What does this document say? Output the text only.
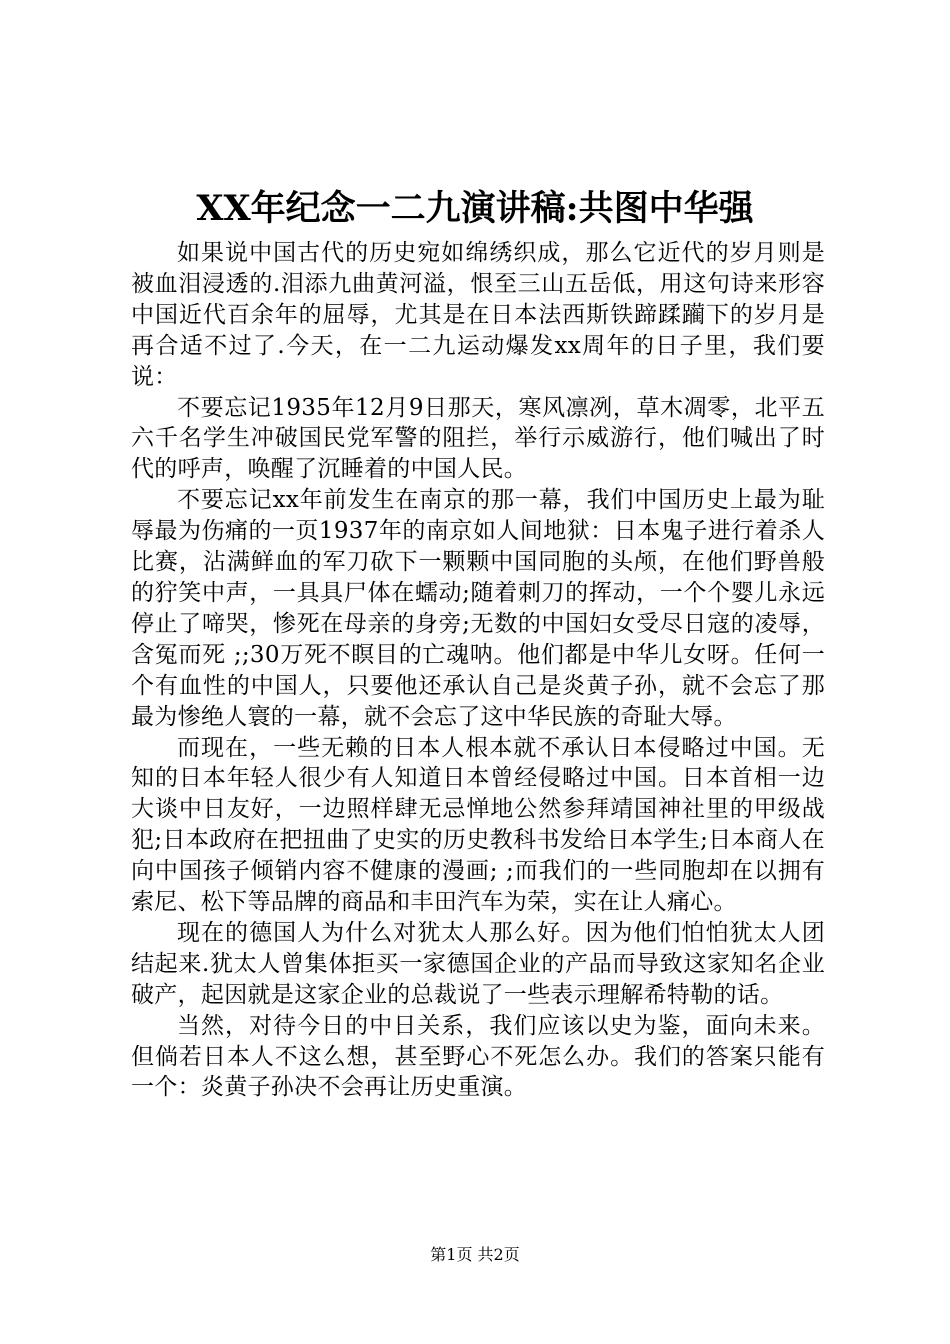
XX年纪念一二九演讲稿:共图中华强

如果说中国古代的历史宛如绵绣织成，那么它近代的岁月则是被血泪浸透的.泪添九曲黄河溢，恨至三山五岳低，用这句诗来形容中国近代百余年的屈辱，尤其是在日本法西斯铁蹄蹂躏下的岁月是再合适不过了.今天，在一二九运动爆发xx周年的日子里，我们要说：

不要忘记1935年12月9日那天，寒风凛冽，草木凋零，北平五六千名学生冲破国民党军警的阻拦，举行示威游行，他们喊出了时代的呼声，唤醒了沉睡着的中国人民。

不要忘记xx年前发生在南京的那一幕，我们中国历史上最为耻辱最为伤痛的一页1937年的南京如人间地狱：日本鬼子进行着杀人比赛，沾满鲜血的军刀砍下一颗颗中国同胞的头颅，在他们野兽般的狞笑中声，一具具尸体在蠕动;随着刺刀的挥动，一个个婴儿永远停止了啼哭，惨死在母亲的身旁;无数的中国妇女受尽日寇的凌辱，含冤而死 ;;30万死不瞑目的亡魂呐。他们都是中华儿女呀。任何一个有血性的中国人，只要他还承认自己是炎黄子孙，就不会忘了那最为惨绝人寰的一幕，就不会忘了这中华民族的奇耻大辱。

而现在，一些无赖的日本人根本就不承认日本侵略过中国。无知的日本年轻人很少有人知道日本曾经侵略过中国。日本首相一边大谈中日友好，一边照样肆无忌惮地公然参拜靖国神社里的甲级战犯;日本政府在把扭曲了史实的历史教科书发给日本学生;日本商人在向中国孩子倾销内容不健康的漫画; ;而我们的一些同胞却在以拥有索尼、松下等品牌的商品和丰田汽车为荣，实在让人痛心。

现在的德国人为什么对犹太人那么好。因为他们怕怕犹太人团结起来.犹太人曾集体拒买一家德国企业的产品而导致这家知名企业破产，起因就是这家企业的总裁说了一些表示理解希特勒的话。

当然，对待今日的中日关系，我们应该以史为鉴，面向未来。但倘若日本人不这么想，甚至野心不死怎么办。我们的答案只能有一个：炎黄子孙决不会再让历史重演。

第1页 共2页
